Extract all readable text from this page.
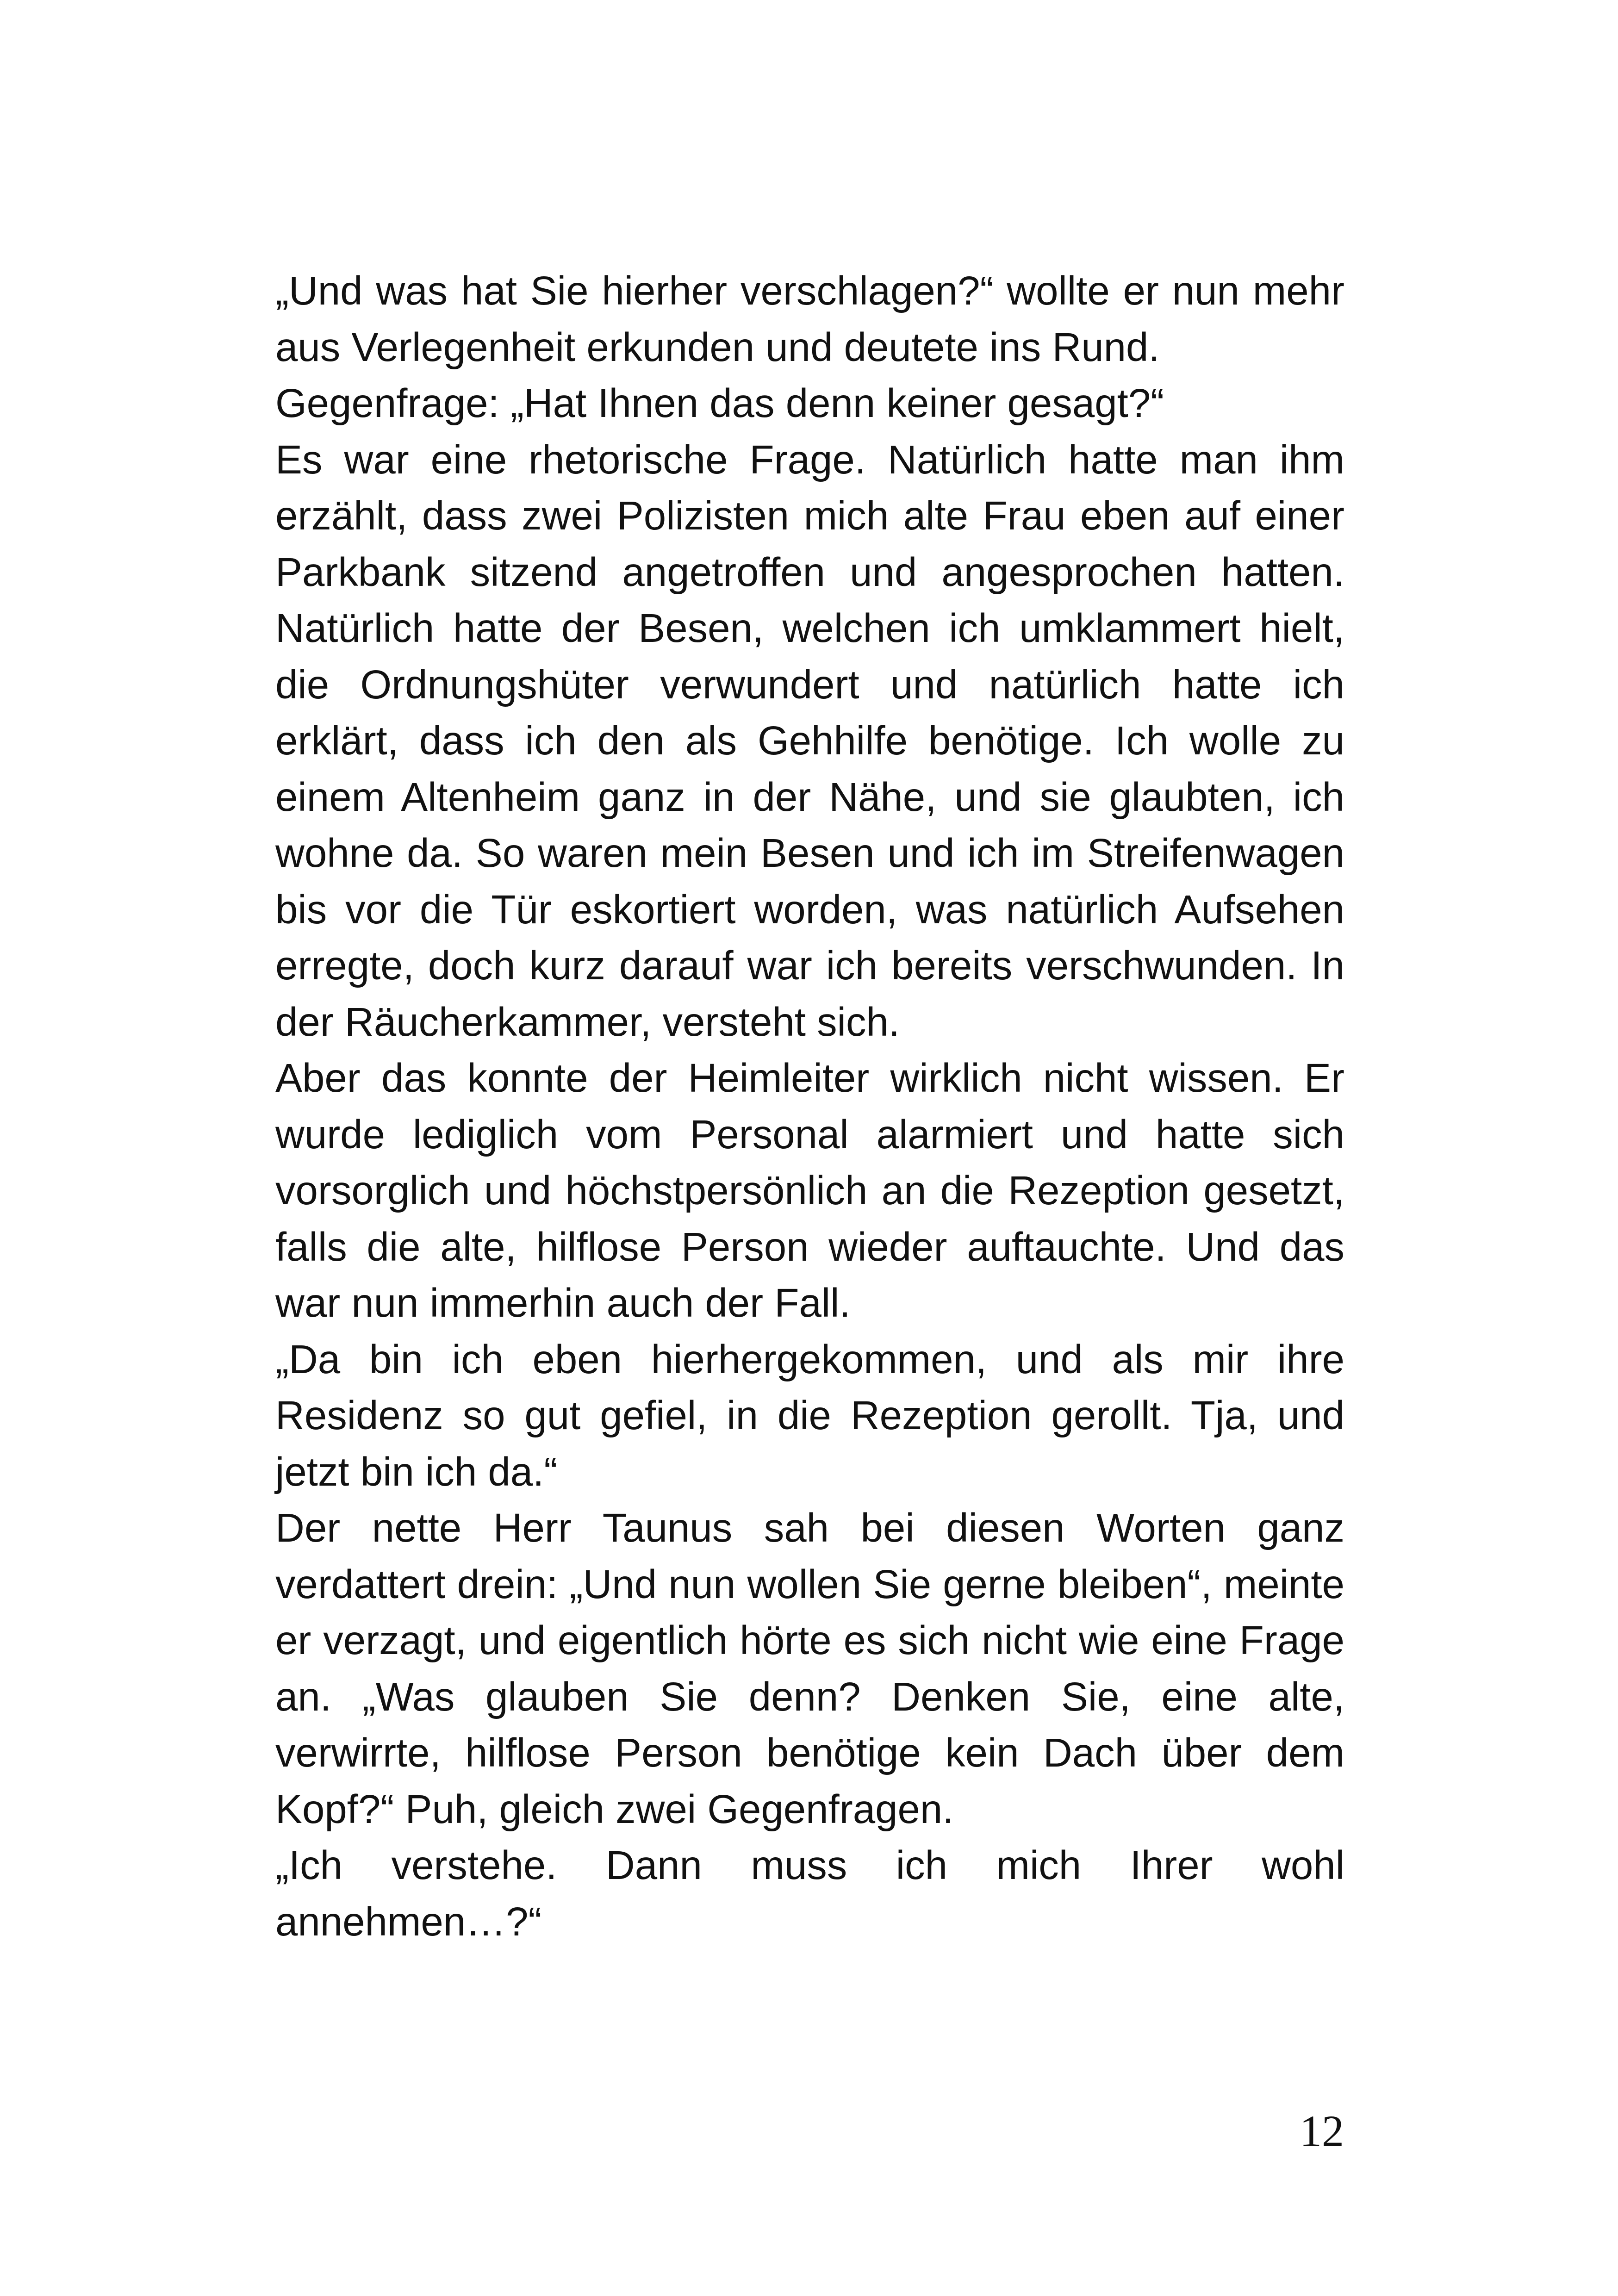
„Und was hat Sie hierher verschlagen?“ wollte er nun mehr aus Verlegenheit erkunden und deutete ins Rund.

Gegenfrage: „Hat Ihnen das denn keiner gesagt?“

Es war eine rhetorische Frage. Natürlich hatte man ihm erzählt, dass zwei Polizisten mich alte Frau eben auf einer Parkbank sitzend angetroffen und angesprochen hatten. Natürlich hatte der Besen, welchen ich umklammert hielt, die Ordnungshüter verwundert und natürlich hatte ich erklärt, dass ich den als Gehhilfe benötige. Ich wolle zu einem Altenheim ganz in der Nähe, und sie glaubten, ich wohne da. So waren mein Besen und ich im Streifenwagen bis vor die Tür eskortiert worden, was natürlich Aufsehen erregte, doch kurz darauf war ich bereits verschwunden. In der Räucherkammer, versteht sich.

Aber das konnte der Heimleiter wirklich nicht wissen. Er wurde lediglich vom Personal alarmiert und hatte sich vorsorglich und höchstpersönlich an die Rezeption gesetzt, falls die alte, hilflose Person wieder auftauchte. Und das war nun immerhin auch der Fall.

„Da bin ich eben hierhergekommen, und als mir ihre Residenz so gut gefiel, in die Rezeption gerollt. Tja, und jetzt bin ich da.“

Der nette Herr Taunus sah bei diesen Worten ganz verdattert drein: „Und nun wollen Sie gerne bleiben“, meinte er verzagt, und eigentlich hörte es sich nicht wie eine Frage an. „Was glauben Sie denn? Denken Sie, eine alte, verwirrte, hilflose Person benötige kein Dach über dem Kopf?“ Puh, gleich zwei Gegenfragen.

„Ich verstehe. Dann muss ich mich Ihrer wohl annehmen…?“

12
